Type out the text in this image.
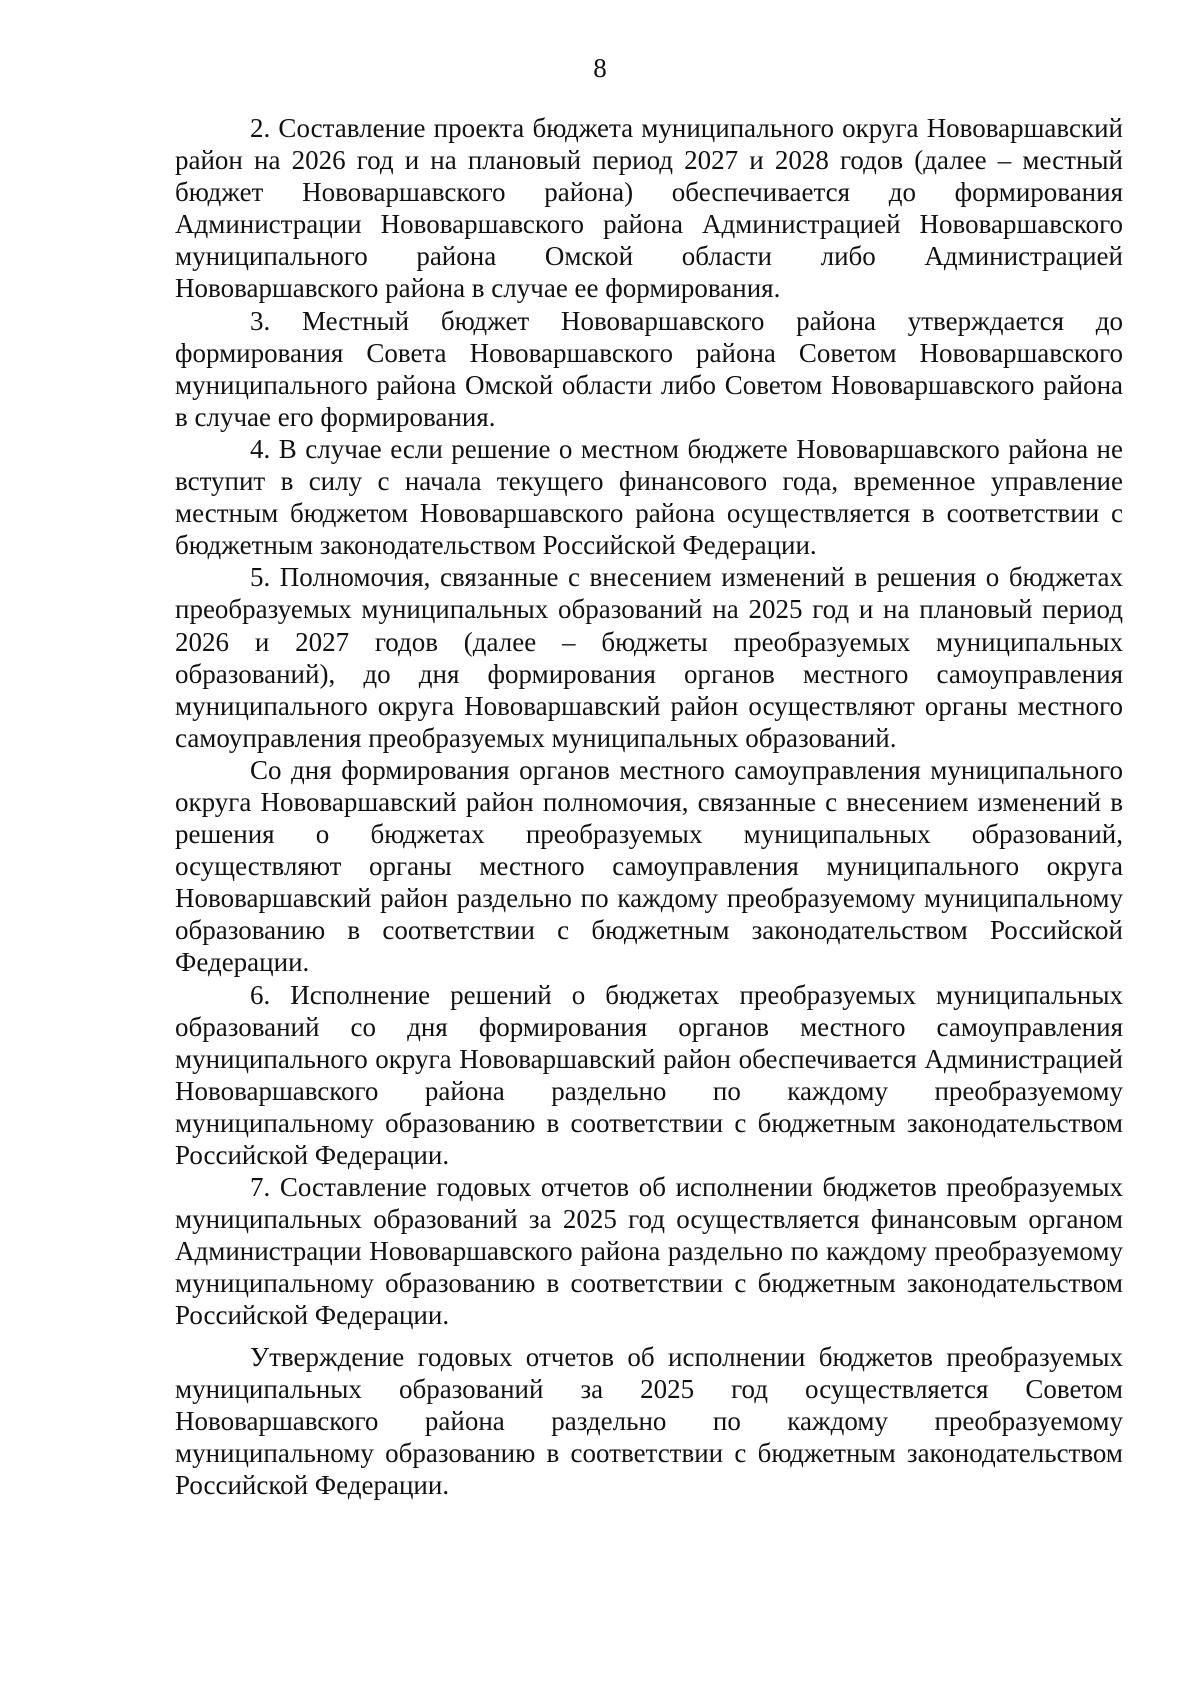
8

2. Составление проекта бюджета муниципального округа Нововаршавский район на 2026 год и на плановый период 2027 и 2028 годов (далее – местный бюджет Нововаршавского района) обеспечивается до формирования Администрации Нововаршавского района Администрацией Нововаршавского муниципального района Омской области либо Администрацией Нововаршавского района в случае ее формирования.

3. Местный бюджет Нововаршавского района утверждается до формирования Совета Нововаршавского района Советом Нововаршавского муниципального района Омской области либо Советом Нововаршавского района в случае его формирования.

4. В случае если решение о местном бюджете Нововаршавского района не вступит в силу с начала текущего финансового года, временное управление местным бюджетом Нововаршавского района осуществляется в соответствии с бюджетным законодательством Российской Федерации.

5. Полномочия, связанные с внесением изменений в решения о бюджетах преобразуемых муниципальных образований на 2025 год и на плановый период 2026 и 2027 годов (далее – бюджеты преобразуемых муниципальных образований), до дня формирования органов местного самоуправления муниципального округа Нововаршавский район осуществляют органы местного самоуправления преобразуемых муниципальных образований.

Со дня формирования органов местного самоуправления муниципального округа Нововаршавский район полномочия, связанные с внесением изменений в решения о бюджетах преобразуемых муниципальных образований, осуществляют органы местного самоуправления муниципального округа Нововаршавский район раздельно по каждому преобразуемому муниципальному образованию в соответствии с бюджетным законодательством Российской Федерации.

6. Исполнение решений о бюджетах преобразуемых муниципальных образований со дня формирования органов местного самоуправления муниципального округа Нововаршавский район обеспечивается Администрацией Нововаршавского района раздельно по каждому преобразуемому муниципальному образованию в соответствии с бюджетным законодательством Российской Федерации.

7. Составление годовых отчетов об исполнении бюджетов преобразуемых муниципальных образований за 2025 год осуществляется финансовым органом Администрации Нововаршавского района раздельно по каждому преобразуемому муниципальному образованию в соответствии с бюджетным законодательством Российской Федерации.

Утверждение годовых отчетов об исполнении бюджетов преобразуемых муниципальных образований за 2025 год осуществляется Советом Нововаршавского района раздельно по каждому преобразуемому муниципальному образованию в соответствии с бюджетным законодательством Российской Федерации.
